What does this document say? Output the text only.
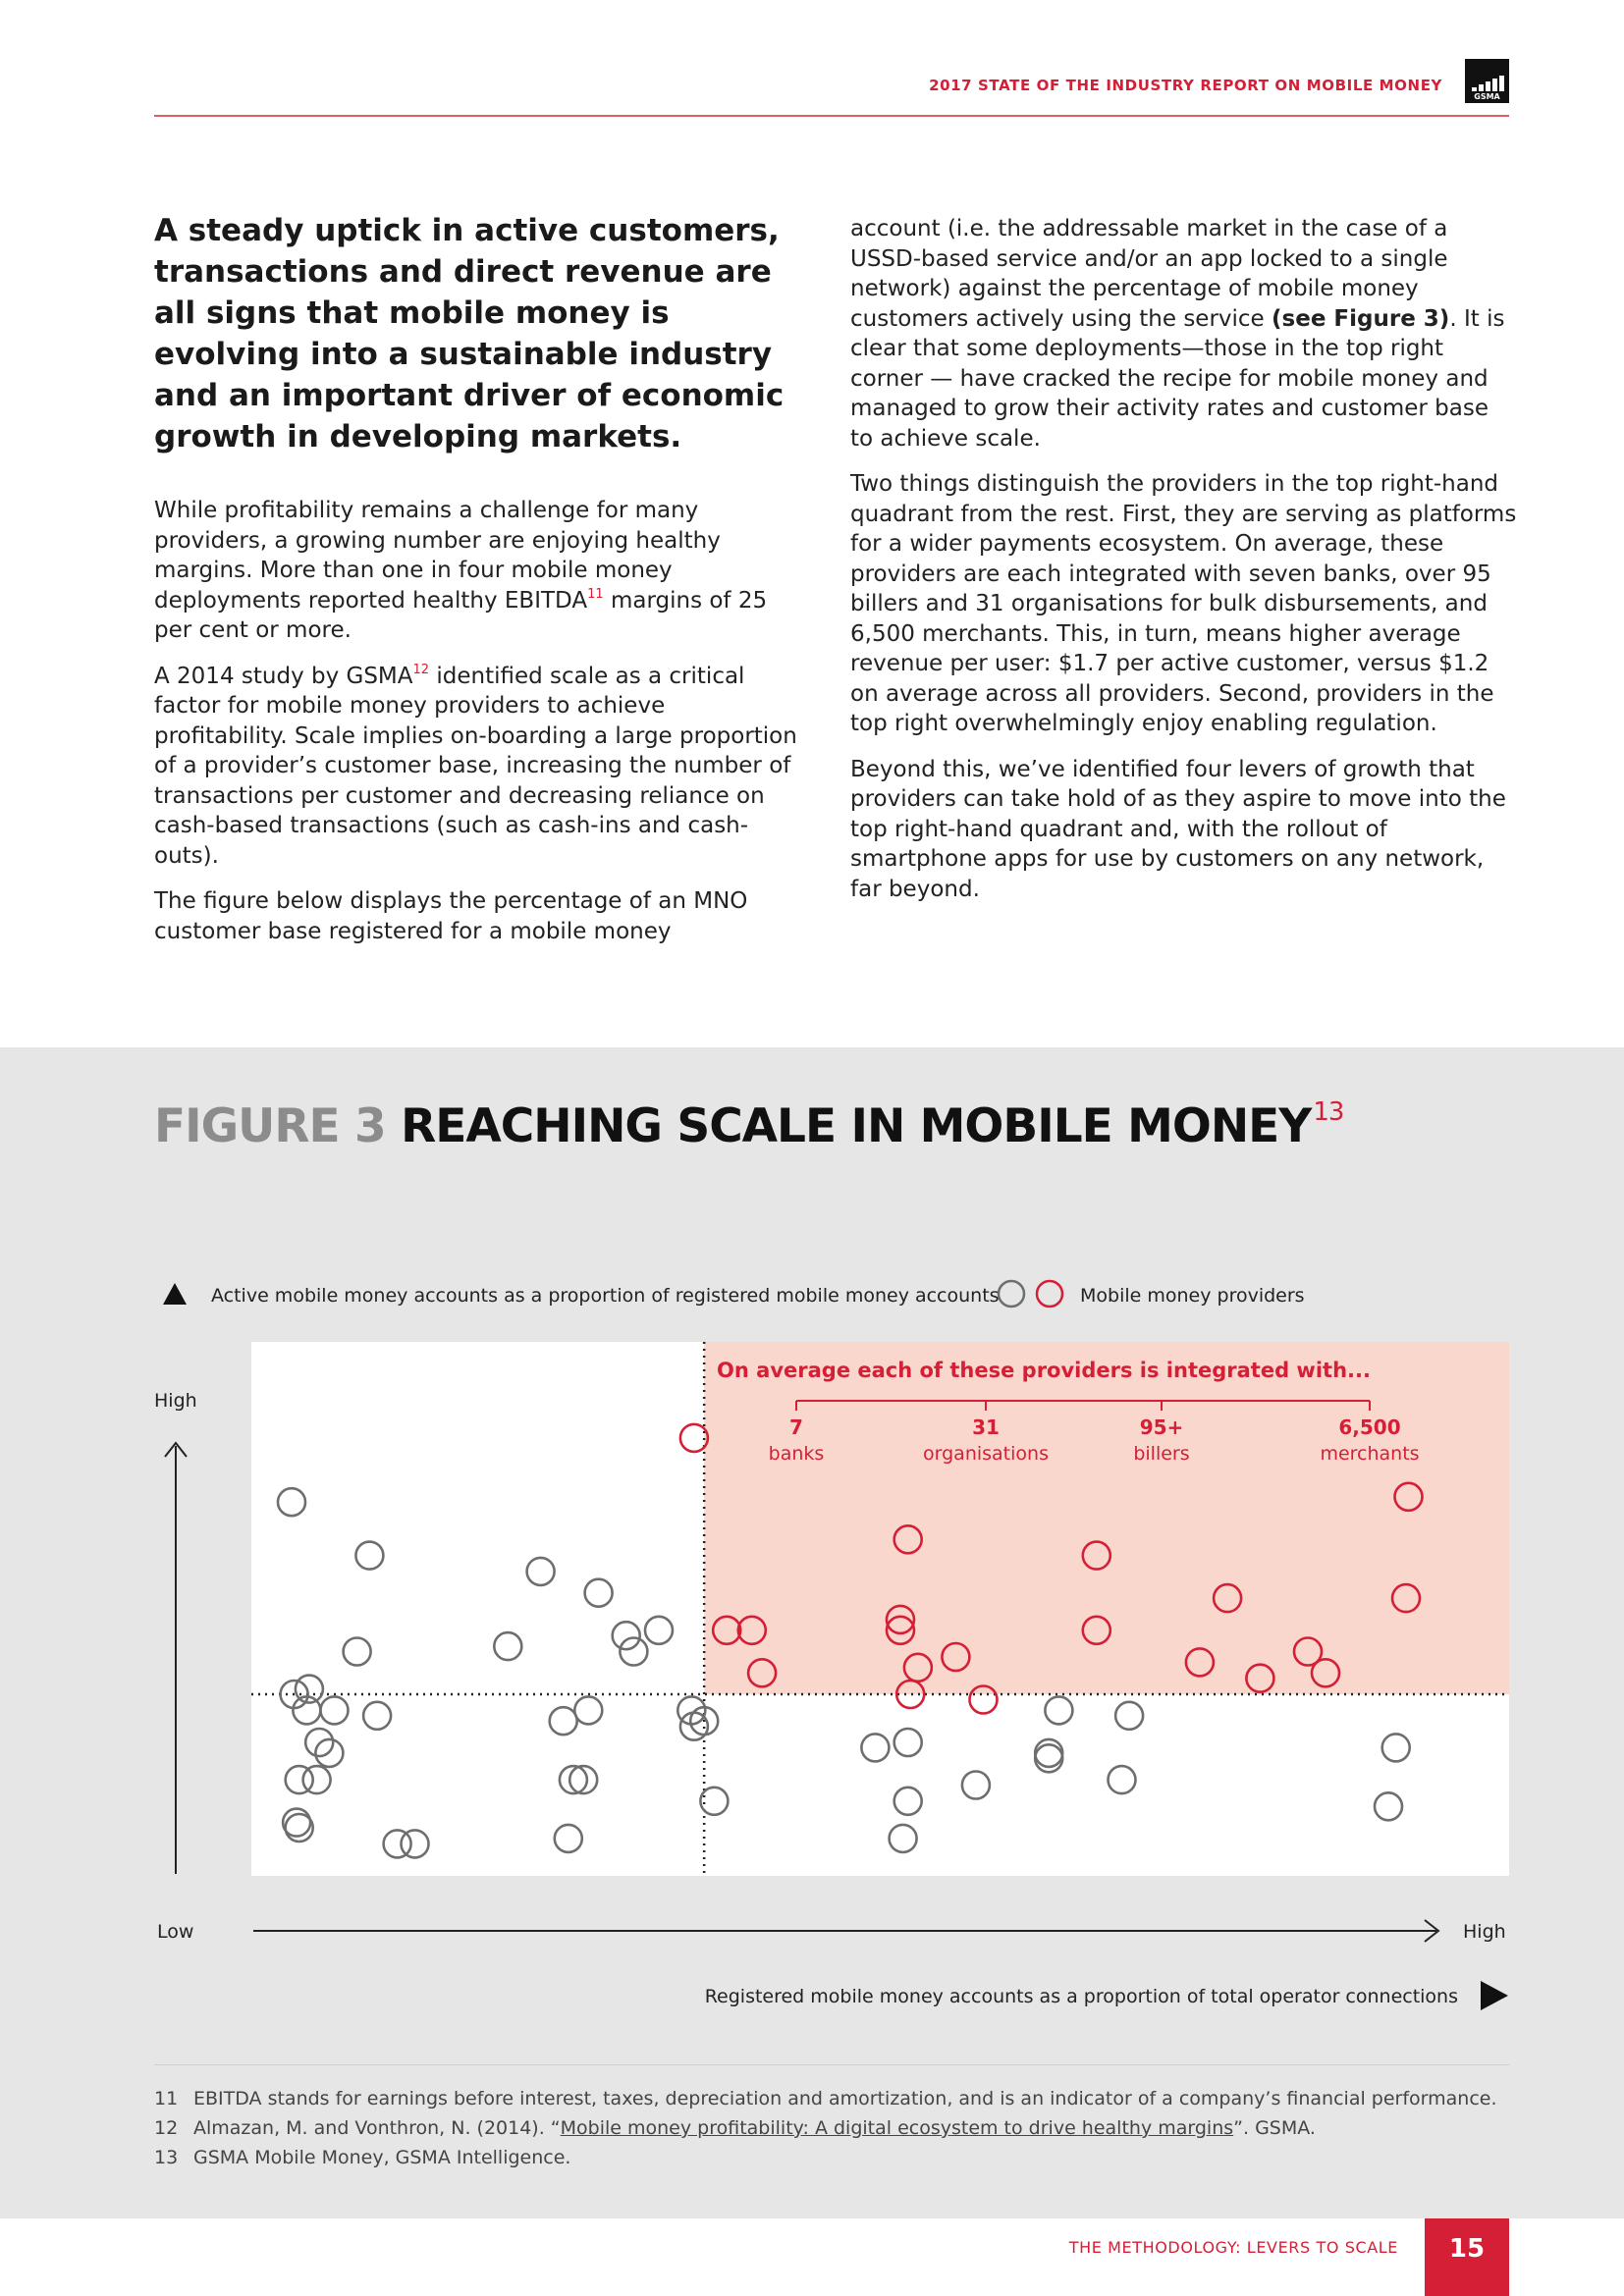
2017 STATE OF THE INDUSTRY REPORT ON MOBILE MONEY
GSMA
A steady uptick in active customers, transactions and direct revenue are all signs that mobile money is evolving into a sustainable industry and an important driver of economic growth in developing markets.

While profitability remains a challenge for many providers, a growing number are enjoying healthy margins. More than one in four mobile money deployments reported healthy EBITDA$^{11}$ margins of 25 per cent or more.

A 2014 study by GSMA$^{12}$ identified scale as a critical factor for mobile money providers to achieve profitability. Scale implies on-boarding a large proportion of a provider’s customer base, increasing the number of transactions per customer and decreasing reliance on cash-based transactions (such as cash-ins and cash-outs).

The figure below displays the percentage of an MNO customer base registered for a mobile money

account (i.e. the addressable market in the case of a USSD-based service and/or an app locked to a single network) against the percentage of mobile money customers actively using the service (see Figure 3). It is clear that some deployments—those in the top right corner — have cracked the recipe for mobile money and managed to grow their activity rates and customer base to achieve scale.

Two things distinguish the providers in the top right-hand quadrant from the rest. First, they are serving as platforms for a wider payments ecosystem. On average, these providers are each integrated with seven banks, over 95 billers and 31 organisations for bulk disbursements, and 6,500 merchants. This, in turn, means higher average revenue per user: $1.7 per active customer, versus $1.2 on average across all providers. Second, providers in the top right overwhelmingly enjoy enabling regulation.

Beyond this, we’ve identified four levers of growth that providers can take hold of as they aspire to move into the top right-hand quadrant and, with the rollout of smartphone apps for use by customers on any network, far beyond.

FIGURE 3 REACHING SCALE IN MOBILE MONEY$^{13}$
Active mobile money accounts as a proportion of registered mobile money accounts	Mobile money providers
On average each of these providers is integrated with...
7
banks
31
organisations
95+
billers
6,500
merchants
High
Low	High
Registered mobile money accounts as a proportion of total operator connections
11 EBITDA stands for earnings before interest, taxes, depreciation and amortization, and is an indicator of a company’s financial performance.
12 Almazan, M. and Vonthron, N. (2014). “Mobile money profitability: A digital ecosystem to drive healthy margins”. GSMA.
13 GSMA Mobile Money, GSMA Intelligence.
THE METHODOLOGY: LEVERS TO SCALE	15
